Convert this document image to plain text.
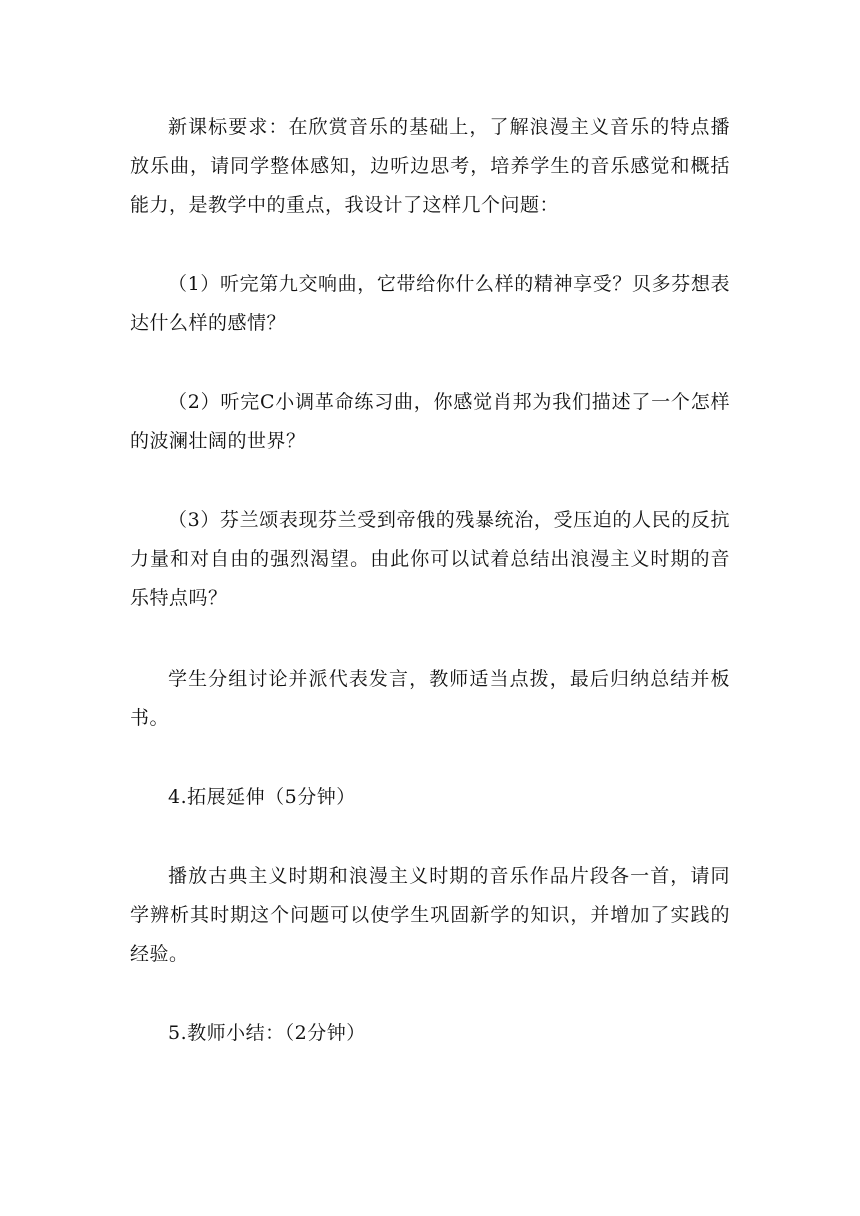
新课标要求：在欣赏音乐的基础上，了解浪漫主义音乐的特点播放乐曲，请同学整体感知，边听边思考，培养学生的音乐感觉和概括能力，是教学中的重点，我设计了这样几个问题：

（1）听完第九交响曲，它带给你什么样的精神享受？贝多芬想表达什么样的感情？

（2）听完C小调革命练习曲，你感觉肖邦为我们描述了一个怎样的波澜壮阔的世界？

（3）芬兰颂表现芬兰受到帝俄的残暴统治，受压迫的人民的反抗力量和对自由的强烈渴望。由此你可以试着总结出浪漫主义时期的音乐特点吗？

学生分组讨论并派代表发言，教师适当点拨，最后归纳总结并板书。

4.拓展延伸（5分钟）

播放古典主义时期和浪漫主义时期的音乐作品片段各一首，请同学辨析其时期这个问题可以使学生巩固新学的知识，并增加了实践的经验。

5.教师小结：（2分钟）
